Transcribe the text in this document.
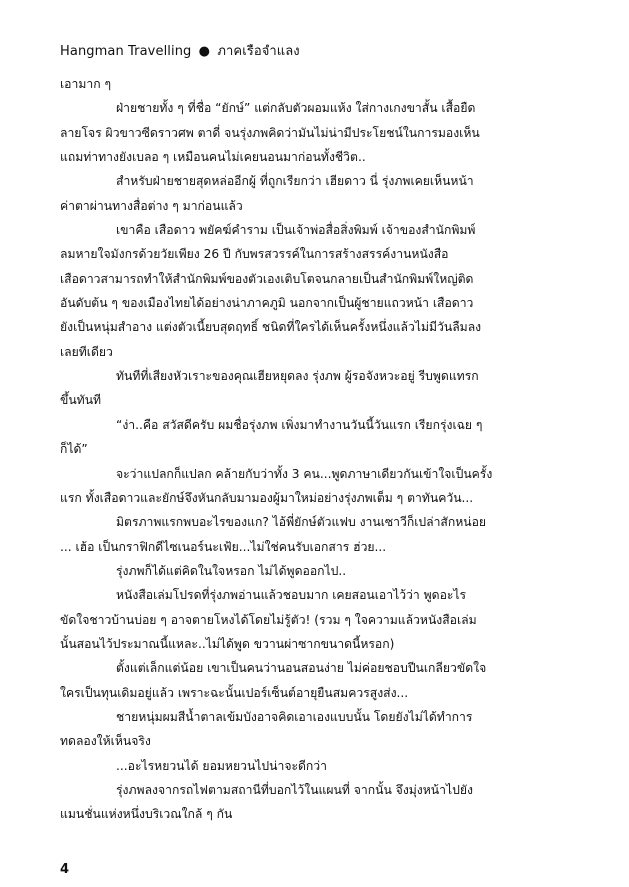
Hangman Travelling ● ภาคเรือจำแลง
เอามาก ๆ
ฝ่ายชายทั้ง ๆ ที่ชื่อ “ยักษ์” แต่กลับตัวผอมแห้ง ใส่กางเกงขาสั้น เสื้อยืด
ลายโจร ผิวขาวซีดราวศพ ตาดี่ จนรุ่งภพคิดว่ามันไม่น่ามีประโยชน์ในการมองเห็น
แถมท่าทางยังเบลอ ๆ เหมือนคนไม่เคยนอนมาก่อนทั้งชีวิต..
สำหรับฝ่ายชายสุดหล่ออีกผู้ ที่ถูกเรียกว่า เฮียดาว นี่ รุ่งภพเคยเห็นหน้า
ค่าตาผ่านทางสื่อต่าง ๆ มาก่อนแล้ว
เขาคือ เสือดาว พยัคฆ์คำราม เป็นเจ้าพ่อสื่อสิ่งพิมพ์ เจ้าของสำนักพิมพ์
ลมหายใจมังกรด้วยวัยเพียง 26 ปี กับพรสวรรค์ในการสร้างสรรค์งานหนังสือ
เสือดาวสามารถทำให้สำนักพิมพ์ของตัวเองเติบโตจนกลายเป็นสำนักพิมพ์ใหญ่ติด
อันดับต้น ๆ ของเมืองไทยได้อย่างน่าภาคภูมิ นอกจากเป็นผู้ชายแถวหน้า เสือดาว
ยังเป็นหนุ่มสำอาง แต่งตัวเนี้ยบสุดฤทธิ์ ชนิดที่ใครได้เห็นครั้งหนึ่งแล้วไม่มีวันลืมลง
เลยทีเดียว
ทันทีที่เสียงหัวเราะของคุณเฮียหยุดลง รุ่งภพ ผู้รอจังหวะอยู่ รีบพูดแทรก
ขึ้นทันที
“ง่า..คือ สวัสดีครับ ผมชื่อรุ่งภพ เพิ่งมาทำงานวันนี้วันแรก เรียกรุ่งเฉย ๆ
ก็ได้”
จะว่าแปลกก็แปลก คล้ายกับว่าทั้ง 3 คน...พูดภาษาเดียวกันเข้าใจเป็นครั้ง
แรก ทั้งเสือดาวและยักษ์จึงหันกลับมามองผู้มาใหม่อย่างรุ่งภพเต็ม ๆ ตาทันควัน...
มิตรภาพแรกพบอะไรของแก? ไอ้พี่ยักษ์ตัวแฟบ งานเซาวีก็เปล่าสักหน่อย
... เฮ้อ เป็นกราฟิกดีไซเนอร์นะเฟ้ย...ไม่ใช่คนรับเอกสาร ฮ่วย...
รุ่งภพก็ได้แต่คิดในใจหรอก ไม่ได้พูดออกไป..
หนังสือเล่มโปรดที่รุ่งภพอ่านแล้วชอบมาก เคยสอนเอาไว้ว่า พูดอะไร
ขัดใจชาวบ้านบ่อย ๆ อาจตายโหงได้โดยไม่รู้ตัว! (รวม ๆ ใจความแล้วหนังสือเล่ม
นั้นสอนไว้ประมาณนี้แหละ..ไม่ได้พูด ขวานผ่าซากขนาดนี้หรอก)
ตั้งแต่เล็กแต่น้อย เขาเป็นคนว่านอนสอนง่าย ไม่ค่อยชอบปีนเกลียวขัดใจ
ใครเป็นทุนเดิมอยู่แล้ว เพราะฉะนั้นเปอร์เซ็นต์อายุยืนสมควรสูงส่ง...
ชายหนุ่มผมสีน้ำตาลเข้มบังอาจคิดเอาเองแบบนั้น โดยยังไม่ได้ทำการ
ทดลองให้เห็นจริง
...อะไรหยวนได้ ยอมหยวนไปน่าจะดีกว่า
รุ่งภพลงจากรถไฟตามสถานีที่บอกไว้ในแผนที่ จากนั้น จึงมุ่งหน้าไปยัง
แมนชั่นแห่งหนึ่งบริเวณใกล้ ๆ กัน
4
